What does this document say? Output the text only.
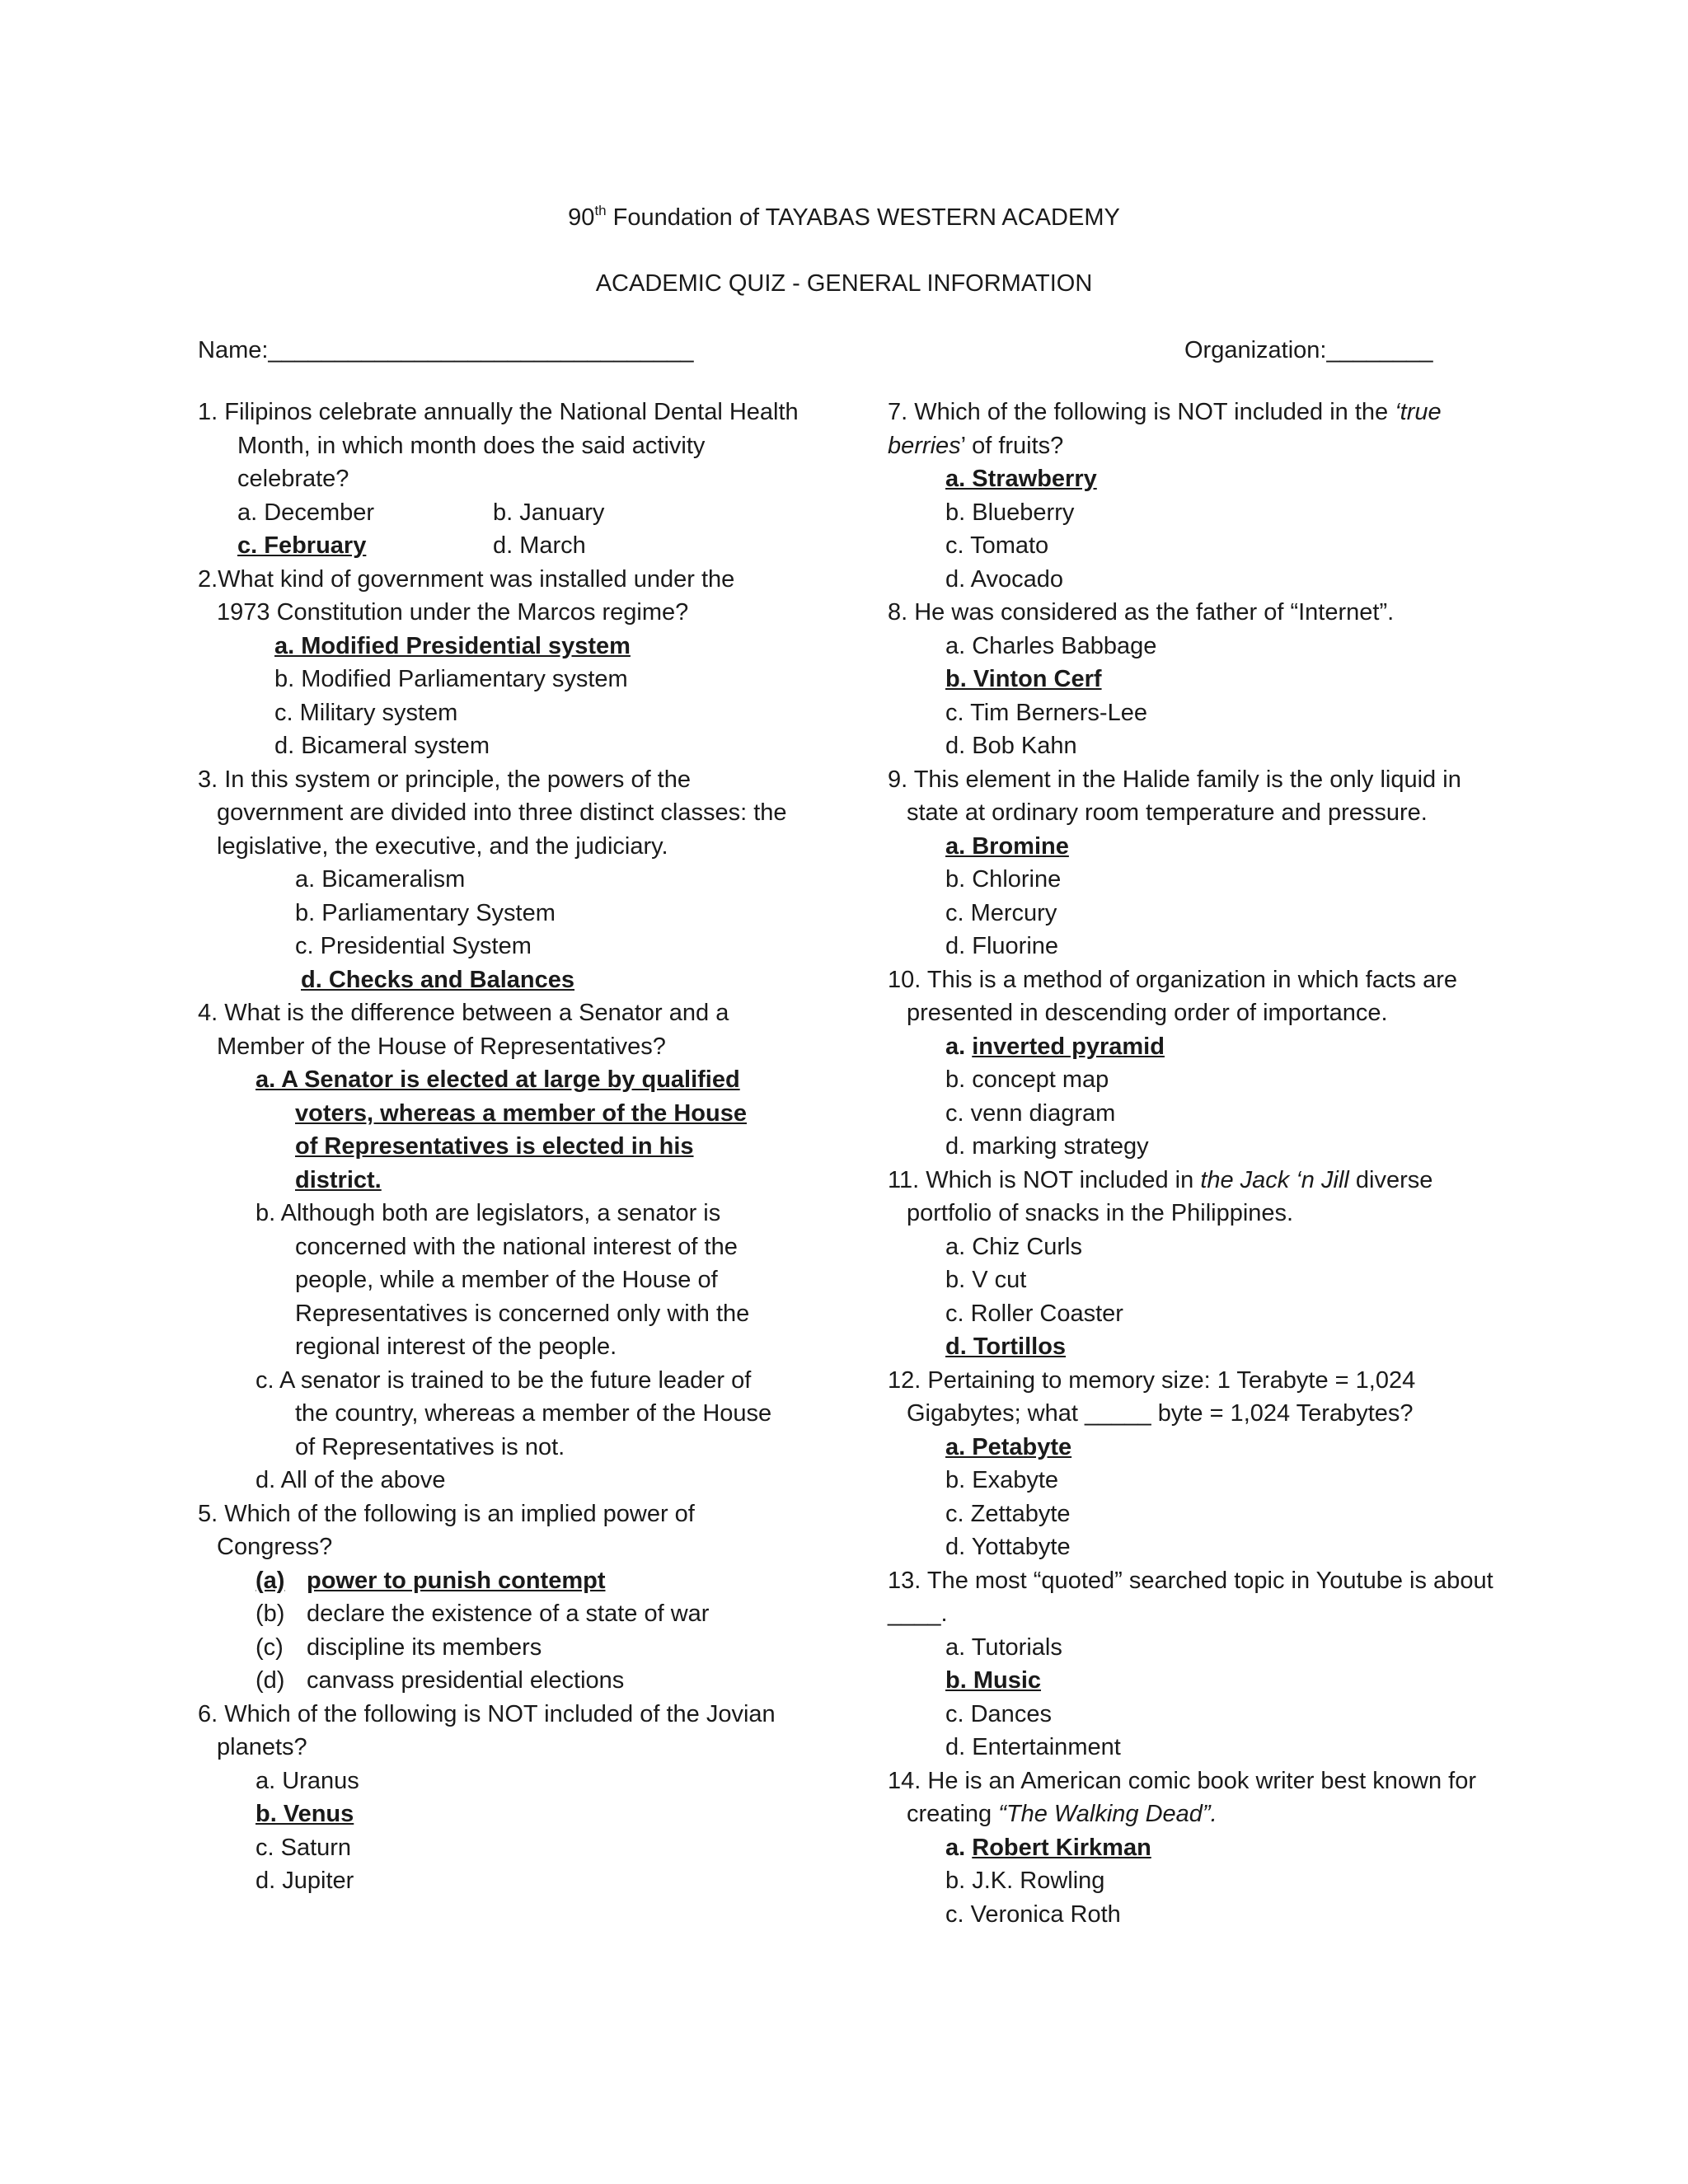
90th Foundation of TAYABAS WESTERN ACADEMY
ACADEMIC QUIZ - GENERAL INFORMATION
Name:________________________________	Organization:________
1. Filipinos celebrate annually the National Dental Health Month, in which month does the said activity celebrate?
a. December	b. January
c. February	d. March
2.What kind of government was installed under the 1973 Constitution under the Marcos regime?
a. Modified Presidential system
b. Modified Parliamentary system
c. Military system
d. Bicameral system
3. In this system or principle, the powers of the government are divided into three distinct classes: the legislative, the executive, and the judiciary.
a. Bicameralism
b. Parliamentary System
c. Presidential System
d. Checks and Balances
4. What is the difference between a Senator and a Member of the House of Representatives?
a. A Senator is elected at large by qualified voters, whereas a member of the House of Representatives is elected in his district.
b. Although both are legislators, a senator is concerned with the national interest of the people, while a member of the House of Representatives is concerned only with the regional interest of the people.
c. A senator is trained to be the future leader of the country, whereas a member of the House of Representatives is not.
d. All of the above
5. Which of the following is an implied power of Congress?
(a) power to punish contempt
(b) declare the existence of a state of war
(c) discipline its members
(d) canvass presidential elections
6. Which of the following is NOT included of the Jovian planets?
a. Uranus
b. Venus
c. Saturn
d. Jupiter
7. Which of the following is NOT included in the ‘true berries’ of fruits?
a. Strawberry
b. Blueberry
c. Tomato
d. Avocado
8. He was considered as the father of “Internet”.
a. Charles Babbage
b. Vinton Cerf
c. Tim Berners-Lee
d. Bob Kahn
9. This element in the Halide family is the only liquid in state at ordinary room temperature and pressure.
a. Bromine
b. Chlorine
c. Mercury
d. Fluorine
10. This is a method of organization in which facts are presented in descending order of importance.
a. inverted pyramid
b. concept map
c. venn diagram
d. marking strategy
11. Which is NOT included in the Jack ‘n Jill diverse portfolio of snacks in the Philippines.
a. Chiz Curls
b. V cut
c. Roller Coaster
d. Tortillos
12. Pertaining to memory size: 1 Terabyte = 1,024 Gigabytes; what _____ byte = 1,024 Terabytes?
a. Petabyte
b. Exabyte
c. Zettabyte
d. Yottabyte
13. The most “quoted” searched topic in Youtube is about ____.
a. Tutorials
b. Music
c. Dances
d. Entertainment
14. He is an American comic book writer best known for creating “The Walking Dead”.
a. Robert Kirkman
b. J.K. Rowling
c. Veronica Roth
